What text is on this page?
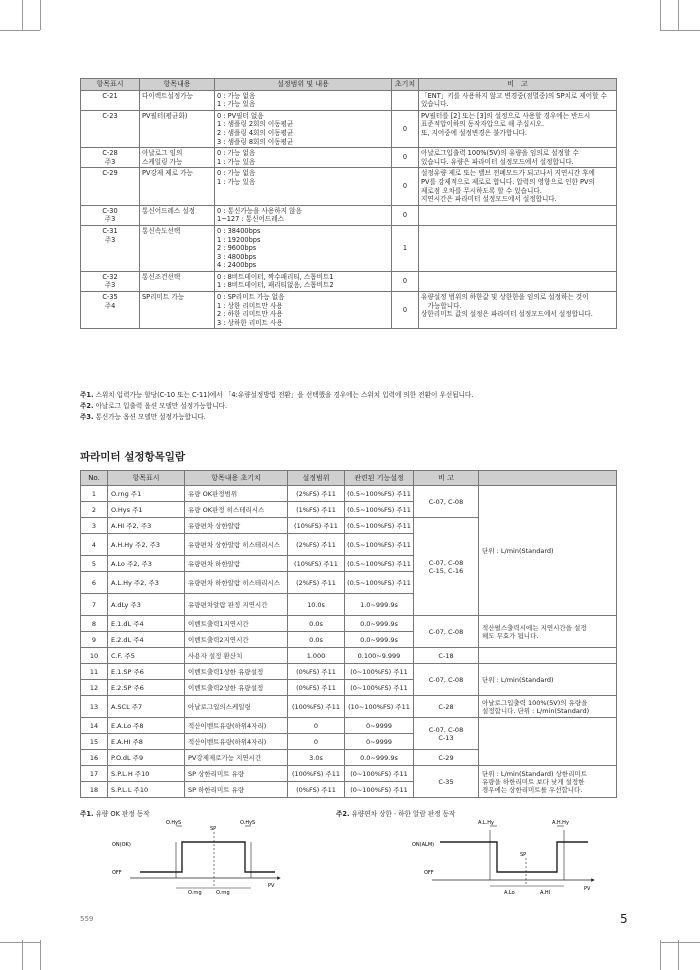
항목표시	항목내용	설정범위 및 내용	초기치	비　고

C-21	다이렉트설정가능	0 : 가능 없음
1 : 가능 있음		「ENT」키를 사용하지 않고 변경중(점멸중)의 SP치로 제어할 수
있습니다.

C-23	PV필터(평균화)	0 : PV필터 없음
1 : 샘플링 2회의 이동평균
2 : 샘플링 4회의 이동평균
3 : 샘플링 8회의 이동평균	0	PV필터를 [2] 또는 [3]의 설정으로 사용할 경우에는 반드시
표준적압이하의 동작자압으로 해 주십시오.
또, 지어중에 설정변경은 불가합니다.

C-28
주3	아날로그 임의
스케일링 가능	0 : 가능 없음
1 : 가능 있음	0	아날로그입출력 100%(5V)의 유량을 임의로 설정할 수
있습니다. 유량은 파라미터 설정모드에서 설정합니다.

C-29	PV강제 제로 가능	0 : 가능 없음
1 : 가능 있음	0	설정유량 제로 또는 밸브 전폐모드가 되고나서 지연시간 후에
PV를 강제적으로 제로로 합니다. 압력의 영향으로 인한 PV의
제로점 오차를 무시하도록 할 수 있습니다.
지연시간은 파라미터 설정모드에서 설정합니다.

C-30
주3	통신어드레스 설정	0 : 통신가능을 사용하지 않음
1~127 : 통신어드레스	0	

C-31
주3	통신속도선택	0 : 38400bps
1 : 19200bps
2 : 9600bps
3 : 4800bps
4 : 2400bps	1	

C-32
주3	통신조건선택	0 : 8비트데이터, 짝수패리티, 스톱비트1
1 : 8비트데이터, 패리티없음, 스톱비트2	0	

C-35
주4	SP리미트 가능	0 : SP리미트 가능 없음
1 : 상한 리미트만 사용
2 : 하한 리미트만 사용
3 : 상하한 리미트 사용	0	유량설정 범위의 하한값 및 상한한을 임의로 설정하는 것이
　가능합니다.
상한리미트 값의 설정은 파라미터 설정모드에서 설정합니다.
주1. 스위치 입력가능 할당(C-10 또는 C-11)에서 「4:유량설정방법 전환」을 선택했을 경우에는 스위치 입력에 의한 전환이 우선됩니다.
주2. 아날로그 입출력 옵션 모델만 설정가능합니다.
주3. 통신가능 옵션 모델만 설정가능합니다.
파라미터 설정항목일람
No.	항목표시	항목내용 초기치	설정범위	관련된 기능설정	비 고	
1	O.rng 주1	유량 OK판정범위	(2%FS) 주11	(0.5~100%FS) 주11	C-07, C-08	단위 : L/min(Standard)

2	O.Hys 주1	유량 OK판정 히스테리시스	(1%FS) 주11	(0.5~100%FS) 주11		
3	A.HI 주2, 주3	유량편차 상한알람	(10%FS) 주11	(0.5~100%FS) 주11	C-07, C-08
C-15, C-16	

4	A.H.Hy 주2, 주3	유량편차 상한알람 히스테리시스	(2%FS) 주11	(0.5~100%FS) 주11		
5	A.Lo 주2, 주3	유량편차 하한알람	(10%FS) 주11	(0.5~100%FS) 주11		
6	A.L.Hy 주2, 주3	유량편차 하한알람 히스테리시스	(2%FS) 주11	(0.5~100%FS) 주11		
7	A.dLy 주3	유량편차알람 판정 지연시간	10.0s	1.0~999.9s		
8	E.1.dL 주4	이벤트출력1지연시간	0.0s	0.0~999.9s	C-07, C-08	적산펄스출력시에는 지연시간을 설정
해도 무효가 됩니다.

9	E.2.dL 주4	이벤트출력2지연시간	0.0s	0.0~999.9s		
10	C.F. 주5	사용자 설정 환산치	1.000	0.100~9.999	C-18	

11	E.1.SP 주6	이벤트출력1상한 유량설정	(0%FS) 주11	(0~100%FS) 주11	C-07, C-08	단위 : L/min(Standard)

12	E.2.SP 주6	이벤트출력2상한 유량설정	(0%FS) 주11	(0~100%FS) 주11		
13	A.SCL 주7	아날로그입의스케일링	(100%FS) 주11	(10~100%FS) 주11	C-28	아날로그입출력 100%(5V)의 유량을
설정합니다. 단위 : L/min(Standard)

14	E.A.Lo 주8	적산이벤트유량(하위4자리)	0	0~9999	C-07, C-08
C-13	

15	E.A.HI 주8	적산이벤트유량(하위4자리)	0	0~9999		
16	P.O.dL 주9	PV강제제로가능 지연시간	3.0s	0.0~999.9s	C-29	

17	S.P.L.H 주10	SP 상한리미트 유량	(100%FS) 주11	(0~100%FS) 주11	C-35	단위 : L/min(Standard) 상한리미트
유량을 하한리미트 보다 낮게 설정한
경우에는 상한리미트를 우선합니다.

18	S.P.L.L 주10	SP 하한리미트 유량	(0%FS) 주11	(0~100%FS) 주11		
주1. 유량 OK 판정 동작
O.HyS	O.HyS
SP
ON(OK)
OFF
O.rng	O.rng
PV
주2. 유량편차 상한 · 하한 알람 판정 동작
A.L.Hy	A.H.Hy
ON(ALM)
OFF
SP
A.Lo	A.HI
PV
559	5
